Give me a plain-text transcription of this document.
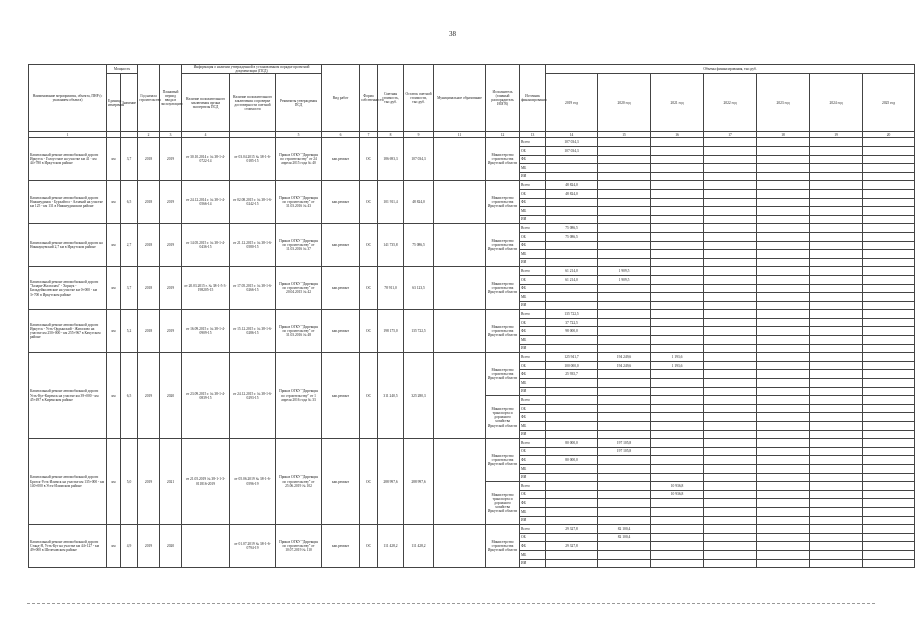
38
Наименование мероприятия, объекта, ПНР (с указанием объекта)	Мощность		Год начала строительства	Плановый период ввода в эксплуатацию	Информация о наличии утвержденной в установленном порядке проектной документации (ПСД)			Вид работ	Форма собственности	Сметная стоимость, тыс.руб.	Остаток сметной стоимости, тыс.руб.	Муниципальное образование	Исполнитель (главный распорядитель ИОГВ)	Источник финансирования	Объемы финансирования, тыс.руб.						
	Единица измерения	Значение			Наличие положительного заключения органа экспертизы ПСД	Наличие положительного заключения о проверке достоверности сметной стоимости	Реквизиты утверждения ПСД								2019 год	2020 год	2021 год	2022 год	2023 год	2024 год	2025 год

1			2	3	4		5	6	7	8	9	11	12	13	14	15	16	17	18	19	20
Капитальный ремонт автомобильной дороги Иркутск - Голоустное на участке км 41 - км 44+780 в Иркутском районе	км	3,7	2018	2019	от 30.10.2014 г. № 38-1-4-0722-14	от 03.04.2015 № 38-1-6-0185-15	Приказ ОГКУ "Дирекция по строительству" от 24 апреля 2015 года № 40	кап.ремонт	ОС	186 693,3	107 034,3		Министерство строительства Иркутской области	Всего	107 034,3						
														ОБ	107 034,3						
														ФБ							
														МБ							
														ИИ							
Капитальный ремонт автомобильной дороги Нижнеудинск - Бурхайгол - Алзамай на участке км 125 - км 131 в Нижнеудинском районе	км	6,5	2018	2019	от 24.12.2014 г. № 38-1-4-0566-14	от 02.08.2015 г. № 38-1-6-0242-15	Приказ ОГКУ "Дирекция по строительству" от 31.03.2016 № 43	кап.ремонт	ОС	101 911,4	48 824,0		Министерство строительства Иркутской области	Всего	48 824,0						
														ОБ	48 824,0						
														ФБ							
														МБ							
														ИИ							
Капитальный ремонт автомобильной дороги на Нинкауцевский 2,7 км в Иркутском районе	км	2,7	2018	2019	от 14.05.2015 г. № 38-1-4-0436-15	от 21.12.2015 г. № 38-1-6-0580-15	Приказ ОГКУ "Дирекция по строительству" от 11.03.2016 № 37	кап.ремонт	ОС	141 735,8	75 086,5		Министерство строительства Иркутской области	Всего	75 086,5						
														ОБ	75 086,5						
														ФБ							
														МБ							
														ИИ							
Капитальный ремонт автомобильной дороги "Залари-Жалгалам" - Хорнук - Бильдейколевские на участке км 0+000 - км 3+700 в Иркутском районе	км	3,7	2018	2019	от 20.03.2015 г. № 38-1-5-3-198205-15	от 17.05.2015 г. № 38-1-6-0266-15	Приказ ОГКУ "Дирекция по строительству" от 20.04.2015 № 42	кап.ремонт	ОС	78 911,0	63 123,5		Министерство строительства Иркутской области	Всего	61 214,0	1 909,5					
														ОБ	61 214,0	1 909,5					
														ФБ							
														МБ							
														ИИ							
Капитальный ремонт автомобильной дороги Иркутск - Усть-Ордынский - Жигалово на участке км 250+000 - км 255+967 в Качугском районе	км	5,2	2018	2019	от 16.09.2015 г. № 38-1-4-0909-15	от 15.12.2015 г. № 38-1-6-0286-15	Приказ ОГКУ "Дирекция по строительству" от 31.03.2016 № 48	кап.ремонт	ОС	198 175,0	135 722,5		Министерство строительства Иркутской области	Всего	135 722,5						
														ОБ	37 722,5						
														ФБ	98 000,0						
														МБ							
														ИИ							
Капитальный ремонт автомобильной дороги Усть-Кут-Киренск на участке км 39+000 - км 45+497 в Киренском районе	км	6,5	2019	2020	от 23.09.2015 г. № 38-1-4-0839-15	от 24.12.2015 г. № 38-1-6-0293-15	Приказ ОГКУ "Дирекция по строительству" от 1 апреля 2016 года № 33	кап.ремонт	ОС	311 240,5	325 280,3		Министерство строительства Иркутской области	Всего	125 941,7	194 249,6	1 193,6				
														ОБ	100 000,0	194 249,6	1 193,6				
														ФБ	25 935,7						
														МБ							
														ИИ							
													Министерство транспорта и дорожного хозяйства Иркутской области	Всего							
														ОБ							
														ФБ							
														МБ							
														ИИ							
Капитальный ремонт автомобильной дороги Братск-Усть-Илимск на участке км 135+000 - км 140+000 в Усть-Илимском районе	км	5,0	2019	2021	от 21.05.2019 № 38-1-1-3-011816-2019	от 05.06.2019 № 38-1-6-0596-19	Приказ ОГКУ "Дирекция по строительству" от 25.06.2019 № 102	кап.ремонт	ОС	288 997,6	288 997,6		Министерство строительства Иркутской области	Всего	80 000,0	197 105,8					
														ОБ		197 105,8					
														ФБ	80 000,0						
														МБ							
														ИИ							
													Министерство транспорта и дорожного хозяйства Иркутской области	Всего			10 936,8				
														ОБ			10 936,8				
														ФБ							
														МБ							
														ИИ							
Капитальный ремонт автомобильной дороги Станд-Я, Усть-Кут на участке км 44+127 - км 49+000 в Шелеховском районе	км	4,9	2019	2020		от 01.07.2019 № 38-1-6-0794-19	Приказ ОГКУ "Дирекция по строительству" от 10.07.2019 № 110	кап.ремонт	ОС	111 428,2	111 428,2		Министерство строительства Иркутской области	Всего	29 327,8	82 100,4					
														ОБ		82 100,4					
														ФБ	29 327,8						
														МБ							
														ИИ							
